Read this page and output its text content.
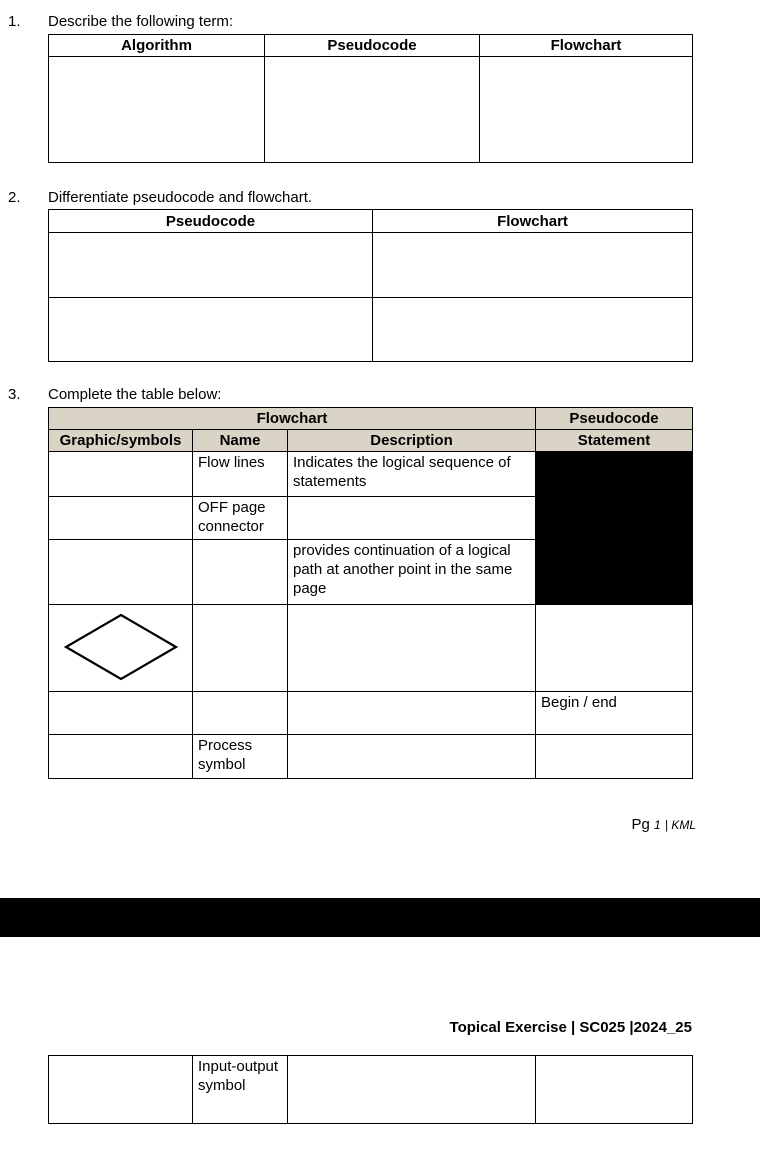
1.	Describe the following term:
Algorithm	Pseudocode	Flowchart

2.	Differentiate pseudocode and flowchart.
Pseudocode	Flowchart

3.	Complete the table below:
Flowchart			Pseudocode
Graphic/symbols	Name	Description	Statement
	Flow lines	Indicates the logical sequence of statements	
	OFF page connector		
		provides continuation of a logical path at another point in the same page	

			Begin / end
	Process symbol		
Pg 1 | KML
Topical Exercise | SC025 |2024_25
	Input-output symbol		
